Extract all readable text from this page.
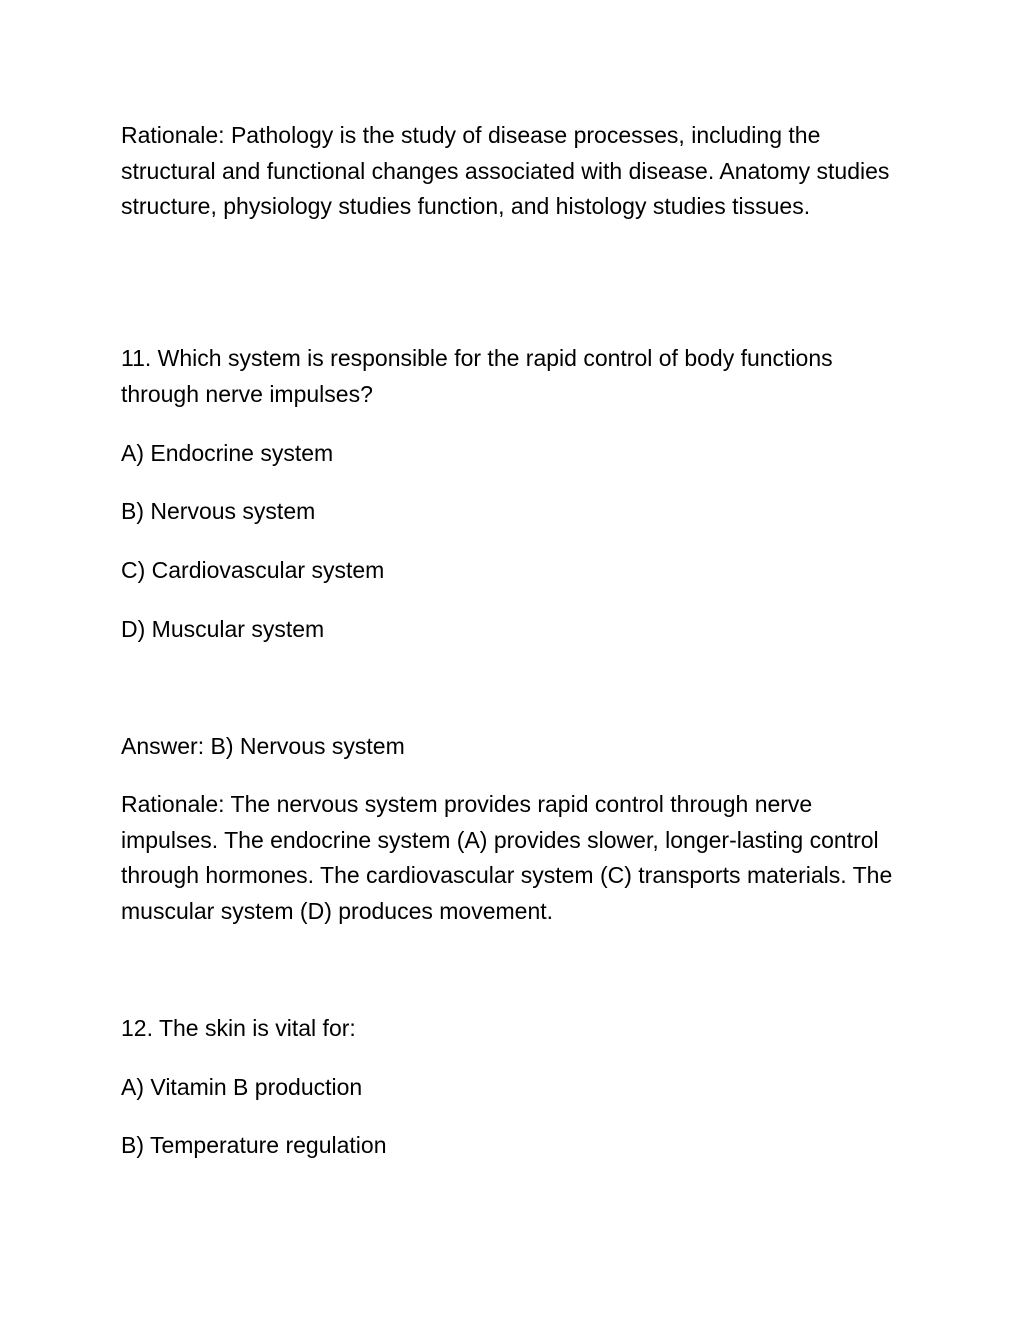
Rationale: Pathology is the study of disease processes, including the structural and functional changes associated with disease. Anatomy studies structure, physiology studies function, and histology studies tissues.

11. Which system is responsible for the rapid control of body functions through nerve impulses?

A) Endocrine system

B) Nervous system

C) Cardiovascular system

D) Muscular system

Answer: B) Nervous system

Rationale: The nervous system provides rapid control through nerve impulses. The endocrine system (A) provides slower, longer-lasting control through hormones. The cardiovascular system (C) transports materials. The muscular system (D) produces movement.

12. The skin is vital for:

A) Vitamin B production

B) Temperature regulation
